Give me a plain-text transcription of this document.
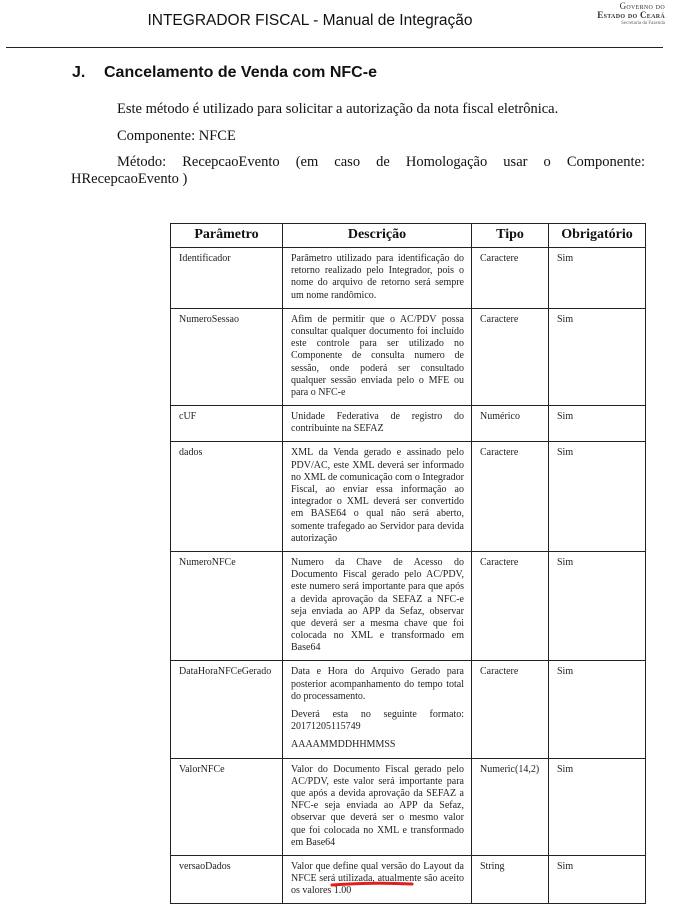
INTEGRADOR FISCAL - Manual de Integração
Governo do
Estado do Ceará
Secretaria da Fazenda
J. Cancelamento de Venda com NFC-e
Este método é utilizado para solicitar a autorização da nota fiscal eletrônica.
Componente: NFCE
Método: RecepcaoEvento (em caso de Homologação usar o Componente: HRecepcaoEvento )
Parâmetro	Descrição	Tipo	Obrigatório
Identificador	Parâmetro utilizado para identificação do retorno realizado pelo Integrador, pois o nome do arquivo de retorno será sempre um nome randômico.	Caractere	Sim
NumeroSessao	Afim de permitir que o AC/PDV possa consultar qualquer documento foi incluído este controle para ser utilizado no Componente de consulta numero de sessão, onde poderá ser consultado qualquer sessão enviada pelo o MFE ou para o NFC-e	Caractere	Sim
cUF	Unidade Federativa de registro do contribuinte na SEFAZ	Numérico	Sim
dados	XML da Venda gerado e assinado pelo PDV/AC, este XML deverá ser informado no XML de comunicação com o Integrador Fiscal, ao enviar essa informação ao integrador o XML deverá ser convertido em BASE64 o qual não será aberto, somente trafegado ao Servidor para devida autorização	Caractere	Sim
NumeroNFCe	Numero da Chave de Acesso do Documento Fiscal gerado pelo AC/PDV, este numero será importante para que após a devida aprovação da SEFAZ a NFC-e seja enviada ao APP da Sefaz, observar que deverá ser a mesma chave que foi colocada no XML e transformado em Base64	Caractere	Sim
DataHoraNFCeGerado	Data e Hora do Arquivo Gerado para posterior acompanhamento do tempo total do processamento.

Deverá esta no seguinte formato: 20171205115749

AAAAMMDDHHMMSS	Caractere	Sim
ValorNFCe	Valor do Documento Fiscal gerado pelo AC/PDV, este valor será importante para que após a devida aprovação da SEFAZ a NFC-e seja enviada ao APP da Sefaz, observar que deverá ser o mesmo valor que foi colocada no XML e transformado em Base64	Numeric(14,2)	Sim
versaoDados	Valor que define qual versão do Layout da NFCE será utilizada, atualmente são aceito os valores 1.00	String	Sim
